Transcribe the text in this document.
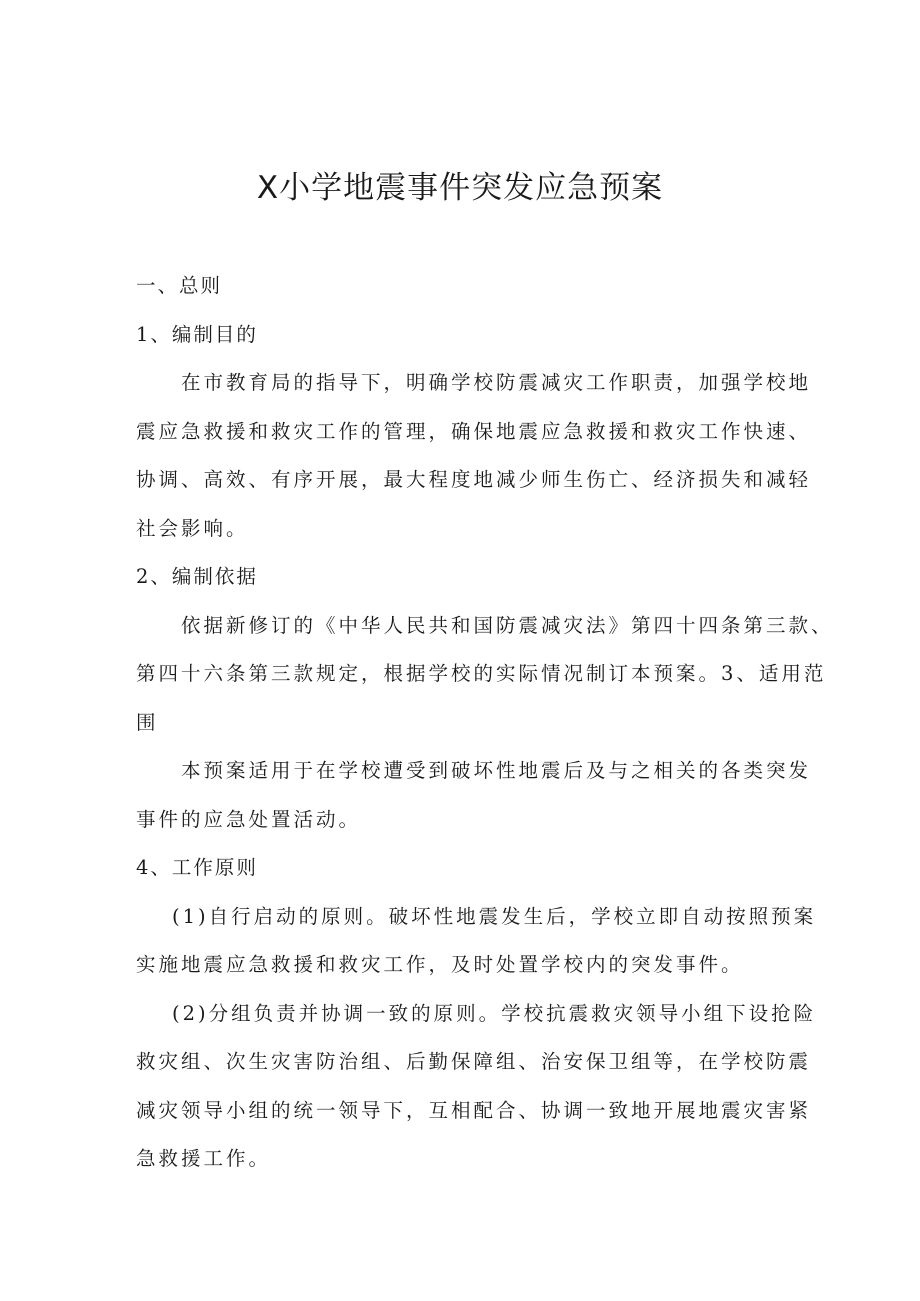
X小学地震事件突发应急预案

一、总则

1、编制目的

在市教育局的指导下，明确学校防震减灾工作职责，加强学校地

震应急救援和救灾工作的管理，确保地震应急救援和救灾工作快速、

协调、高效、有序开展，最大程度地减少师生伤亡、经济损失和减轻

社会影响。

2、编制依据

依据新修订的《中华人民共和国防震减灾法》第四十四条第三款、

第四十六条第三款规定，根据学校的实际情况制订本预案。3、适用范

围

本预案适用于在学校遭受到破坏性地震后及与之相关的各类突发

事件的应急处置活动。

4、工作原则

(1)自行启动的原则。破坏性地震发生后，学校立即自动按照预案

实施地震应急救援和救灾工作，及时处置学校内的突发事件。

(2)分组负责并协调一致的原则。学校抗震救灾领导小组下设抢险

救灾组、次生灾害防治组、后勤保障组、治安保卫组等，在学校防震

减灾领导小组的统一领导下，互相配合、协调一致地开展地震灾害紧

急救援工作。
